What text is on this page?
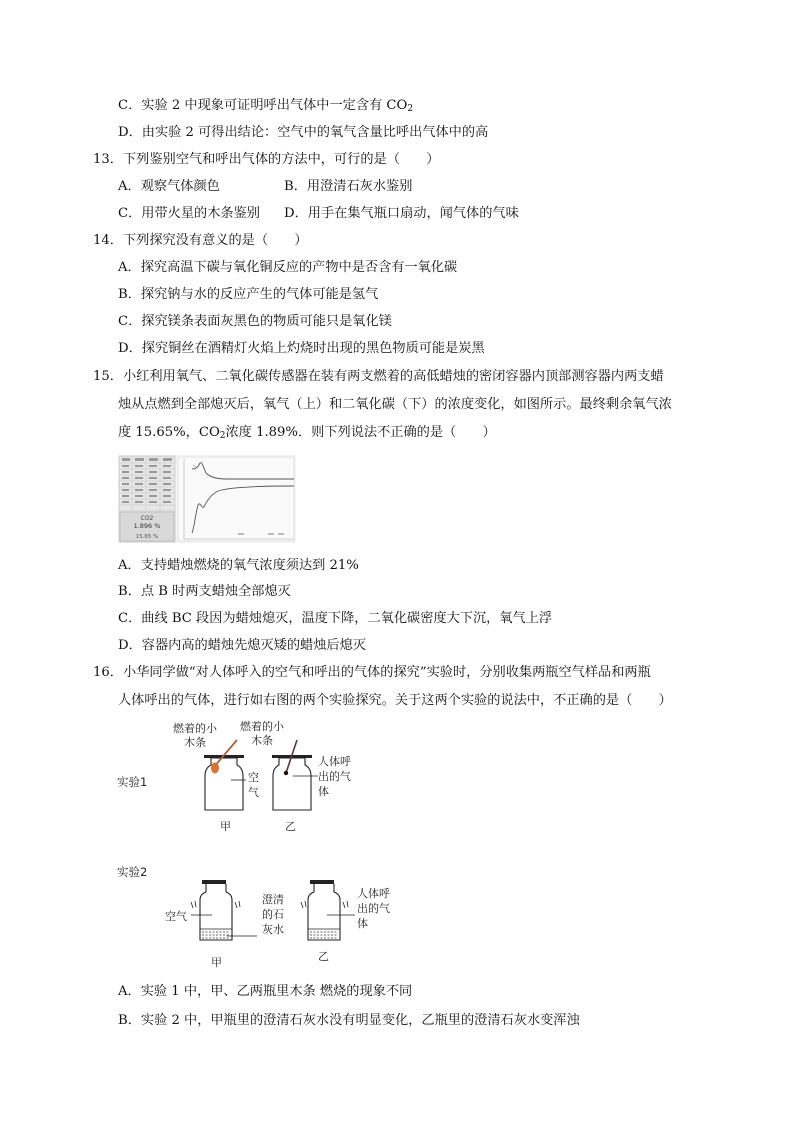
C．实验 2 中现象可证明呼出气体中一定含有 $CO_2$
D．由实验 2 可得出结论：空气中的氧气含量比呼出气体中的高
13．下列鉴别空气和呼出气体的方法中，可行的是（　　）
A．观察气体颜色	B．用澄清石灰水鉴别
C．用带火星的木条鉴别 D．用手在集气瓶口扇动，闻气体的气味
14．下列探究没有意义的是（　　）
A．探究高温下碳与氧化铜反应的产物中是否含有一氧化碳
B．探究钠与水的反应产生的气体可能是氢气
C．探究镁条表面灰黑色的物质可能只是氧化镁
D．探究铜丝在酒精灯火焰上灼烧时出现的黑色物质可能是炭黑
15．小红利用氧气、二氧化碳传感器在装有两支燃着的高低蜡烛的密闭容器内顶部测容器内两支蜡
烛从点燃到全部熄灭后，氧气（上）和二氧化碳（下）的浓度变化，如图所示。最终剩余氧气浓
度 15.65%，$CO_2$浓度 1.89%．则下列说法不正确的是（　　）
CO2
1.896 %
15.65 %
A．支持蜡烛燃烧的氧气浓度须达到 21%
B．点 B 时两支蜡烛全部熄灭
C．曲线 BC 段因为蜡烛熄灭，温度下降，二氧化碳密度大下沉，氧气上浮
D．容器内高的蜡烛先熄灭矮的蜡烛后熄灭
16．小华同学做“对人体呼入的空气和呼出的气体的探究”实验时，分别收集两瓶空气样品和两瓶
人体呼出的气体，进行如右图的两个实验探究。关于这两个实验的说法中，不正确的是（　　）
实验1
燃着的小木条
燃着的小木条
空气
人体呼出的气体
甲	乙
实验2
空气
澄清的石灰水
人体呼出的气体
甲	乙
A．实验 1 中，甲、乙两瓶里木条 燃烧的现象不同
B．实验 2 中，甲瓶里的澄清石灰水没有明显变化，乙瓶里的澄清石灰水变浑浊
